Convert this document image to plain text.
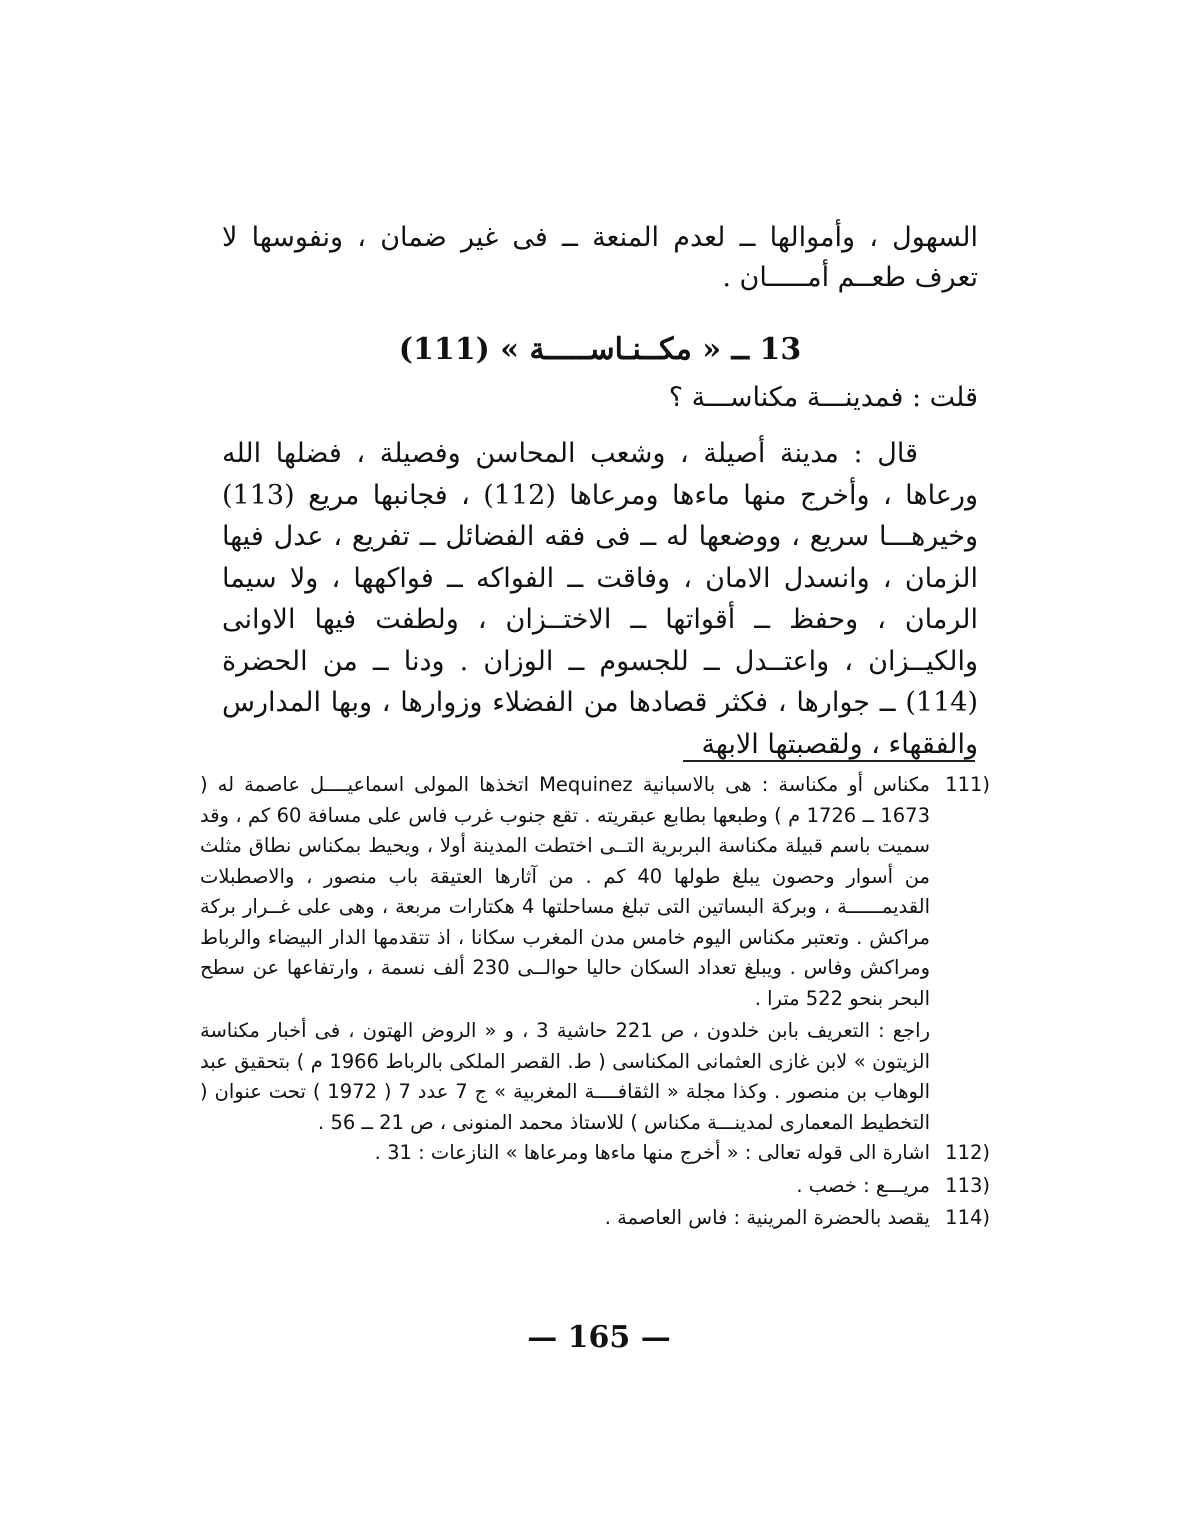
السهول ، وأموالها ــ لعدم المنعة ــ فى غير ضمان ، ونفوسها لا تعرف طعــم أمـــــان .
13 ــ « مكــنـاســـــة » (111)
قلت : فمدينـــة مكناســـة ؟
قال : مدينة أصيلة ، وشعب المحاسن وفصيلة ، فضلها الله ورعاها ، وأخرج منها ماءها ومرعاها (112) ، فجانبها مريع (113) وخيرهـــا سريع ، ووضعها له ــ فى فقه الفضائل ــ تفريع ، عدل فيها الزمان ، وانسدل الامان ، وفاقت ــ الفواكه ــ فواكهها ، ولا سيما الرمان ، وحفظ ــ أقواتها ــ الاختــزان ، ولطفت فيها الاوانى والكيــزان ، واعتــدل ــ للجسوم ــ الوزان . ودنا ــ من الحضرة (114) ــ جوارها ، فكثر قصادها من الفضلاء وزوارها ، وبها المدارس والفقهاء ، ولقصبتها الابهة
111)
مكناس أو مكناسة : هى بالاسبانية Mequinez اتخذها المولى اسماعيــــل عاصمة له ( 1673 ــ 1726 م ) وطبعها بطابع عبقريته . تقع جنوب غرب فاس على مسافة 60 كم ، وقد سميت باسم قبيلة مكناسة البربرية التــى اختطت المدينة أولا ، ويحيط بمكناس نطاق مثلث من أسوار وحصون يبلغ طولها 40 كم . من آثارها العتيقة باب منصور ، والاصطبلات القديمــــــة ، وبركة البساتين التى تبلغ مساحلتها 4 هكتارات مربعة ، وهى على غــرار بركة مراكش . وتعتبر مكناس اليوم خامس مدن المغرب سكانا ، اذ تتقدمها الدار البيضاء والرباط ومراكش وفاس . ويبلغ تعداد السكان حاليا حوالــى 230 ألف نسمة ، وارتفاعها عن سطح البحر بنحو 522 مترا .
راجع : التعريف بابن خلدون ، ص 221 حاشية 3 ، و « الروض الهتون ، فى أخبار مكناسة الزيتون » لابن غازى العثمانى المكناسى ( ط. القصر الملكى بالرباط 1966 م ) بتحقيق عبد الوهاب بن منصور . وكذا مجلة « الثقافــــة المغربية » ج 7 عدد 7 ( 1972 ) تحت عنوان ( التخطيط المعمارى لمدينـــة مكناس ) للاستاذ محمد المنونى ، ص 21 ــ 56 .
112)
اشارة الى قوله تعالى : « أخرج منها ماءها ومرعاها » النازعات : 31 .
113)
مريـــع : خصب .
114)
يقصد بالحضرة المرينية : فاس العاصمة .
— 165 —
